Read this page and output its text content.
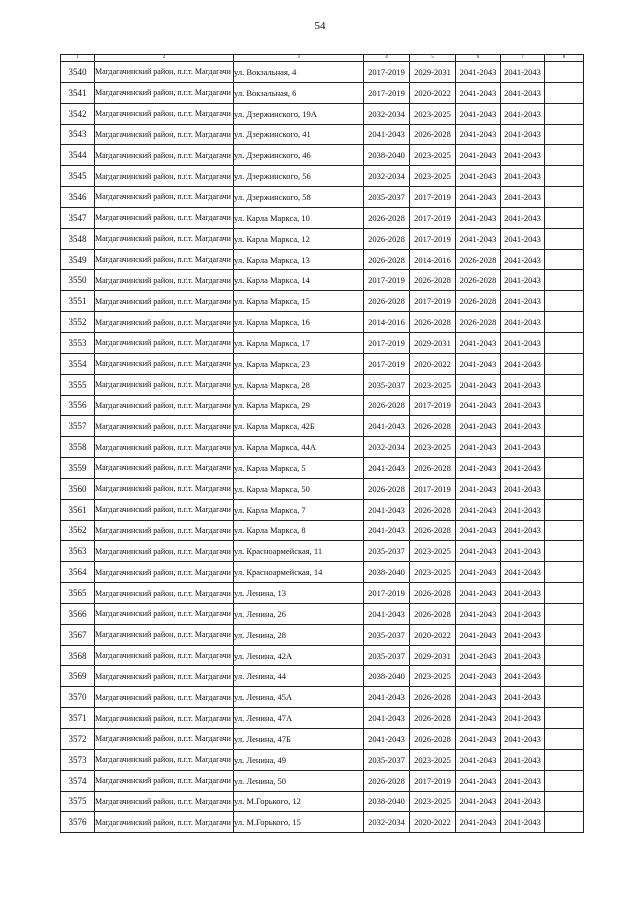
54
1	2	3	4	5	6	7	8
3540	Магдагачинский район, п.г.т. Магдагачи	ул. Вокзальная, 4	2017-2019	2029-2031	2041-2043	2041-2043	
3541	Магдагачинский район, п.г.т. Магдагачи	ул. Вокзальная, 6	2017-2019	2020-2022	2041-2043	2041-2043	
3542	Магдагачинский район, п.г.т. Магдагачи	ул. Дзержинского, 19А	2032-2034	2023-2025	2041-2043	2041-2043	
3543	Магдагачинский район, п.г.т. Магдагачи	ул. Дзержинского, 41	2041-2043	2026-2028	2041-2043	2041-2043	
3544	Магдагачинский район, п.г.т. Магдагачи	ул. Дзержинского, 46	2038-2040	2023-2025	2041-2043	2041-2043	
3545	Магдагачинский район, п.г.т. Магдагачи	ул. Дзержинского, 56	2032-2034	2023-2025	2041-2043	2041-2043	
3546	Магдагачинский район, п.г.т. Магдагачи	ул. Дзержинского, 58	2035-2037	2017-2019	2041-2043	2041-2043	
3547	Магдагачинский район, п.г.т. Магдагачи	ул. Карла Маркса, 10	2026-2028	2017-2019	2041-2043	2041-2043	
3548	Магдагачинский район, п.г.т. Магдагачи	ул. Карла Маркса, 12	2026-2028	2017-2019	2041-2043	2041-2043	
3549	Магдагачинский район, п.г.т. Магдагачи	ул. Карла Маркса, 13	2026-2028	2014-2016	2026-2028	2041-2043	
3550	Магдагачинский район, п.г.т. Магдагачи	ул. Карла Маркса, 14	2017-2019	2026-2028	2026-2028	2041-2043	
3551	Магдагачинский район, п.г.т. Магдагачи	ул. Карла Маркса, 15	2026-2028	2017-2019	2026-2028	2041-2043	
3552	Магдагачинский район, п.г.т. Магдагачи	ул. Карла Маркса, 16	2014-2016	2026-2028	2026-2028	2041-2043	
3553	Магдагачинский район, п.г.т. Магдагачи	ул. Карла Маркса, 17	2017-2019	2029-2031	2041-2043	2041-2043	
3554	Магдагачинский район, п.г.т. Магдагачи	ул. Карла Маркса, 23	2017-2019	2020-2022	2041-2043	2041-2043	
3555	Магдагачинский район, п.г.т. Магдагачи	ул. Карла Маркса, 28	2035-2037	2023-2025	2041-2043	2041-2043	
3556	Магдагачинский район, п.г.т. Магдагачи	ул. Карла Маркса, 29	2026-2028	2017-2019	2041-2043	2041-2043	
3557	Магдагачинский район, п.г.т. Магдагачи	ул. Карла Маркса, 42Б	2041-2043	2026-2028	2041-2043	2041-2043	
3558	Магдагачинский район, п.г.т. Магдагачи	ул. Карла Маркса, 44А	2032-2034	2023-2025	2041-2043	2041-2043	
3559	Магдагачинский район, п.г.т. Магдагачи	ул. Карла Маркса, 5	2041-2043	2026-2028	2041-2043	2041-2043	
3560	Магдагачинский район, п.г.т. Магдагачи	ул. Карла Маркса, 50	2026-2028	2017-2019	2041-2043	2041-2043	
3561	Магдагачинский район, п.г.т. Магдагачи	ул. Карла Маркса, 7	2041-2043	2026-2028	2041-2043	2041-2043	
3562	Магдагачинский район, п.г.т. Магдагачи	ул. Карла Маркса, 8	2041-2043	2026-2028	2041-2043	2041-2043	
3563	Магдагачинский район, п.г.т. Магдагачи	ул. Красноармейская, 11	2035-2037	2023-2025	2041-2043	2041-2043	
3564	Магдагачинский район, п.г.т. Магдагачи	ул. Красноармейская, 14	2038-2040	2023-2025	2041-2043	2041-2043	
3565	Магдагачинский район, п.г.т. Магдагачи	ул. Ленина, 13	2017-2019	2026-2028	2041-2043	2041-2043	
3566	Магдагачинский район, п.г.т. Магдагачи	ул. Ленина, 26	2041-2043	2026-2028	2041-2043	2041-2043	
3567	Магдагачинский район, п.г.т. Магдагачи	ул. Ленина, 28	2035-2037	2020-2022	2041-2043	2041-2043	
3568	Магдагачинский район, п.г.т. Магдагачи	ул. Ленина, 42А	2035-2037	2029-2031	2041-2043	2041-2043	
3569	Магдагачинский район, п.г.т. Магдагачи	ул. Ленина, 44	2038-2040	2023-2025	2041-2043	2041-2043	
3570	Магдагачинский район, п.г.т. Магдагачи	ул. Ленина, 45А	2041-2043	2026-2028	2041-2043	2041-2043	
3571	Магдагачинский район, п.г.т. Магдагачи	ул. Ленина, 47А	2041-2043	2026-2028	2041-2043	2041-2043	
3572	Магдагачинский район, п.г.т. Магдагачи	ул. Ленина, 47Б	2041-2043	2026-2028	2041-2043	2041-2043	
3573	Магдагачинский район, п.г.т. Магдагачи	ул. Ленина, 49	2035-2037	2023-2025	2041-2043	2041-2043	
3574	Магдагачинский район, п.г.т. Магдагачи	ул. Ленина, 50	2026-2028	2017-2019	2041-2043	2041-2043	
3575	Магдагачинский район, п.г.т. Магдагачи	ул. М.Горького, 12	2038-2040	2023-2025	2041-2043	2041-2043	
3576	Магдагачинский район, п.г.т. Магдагачи	ул. М.Горького, 15	2032-2034	2020-2022	2041-2043	2041-2043	
